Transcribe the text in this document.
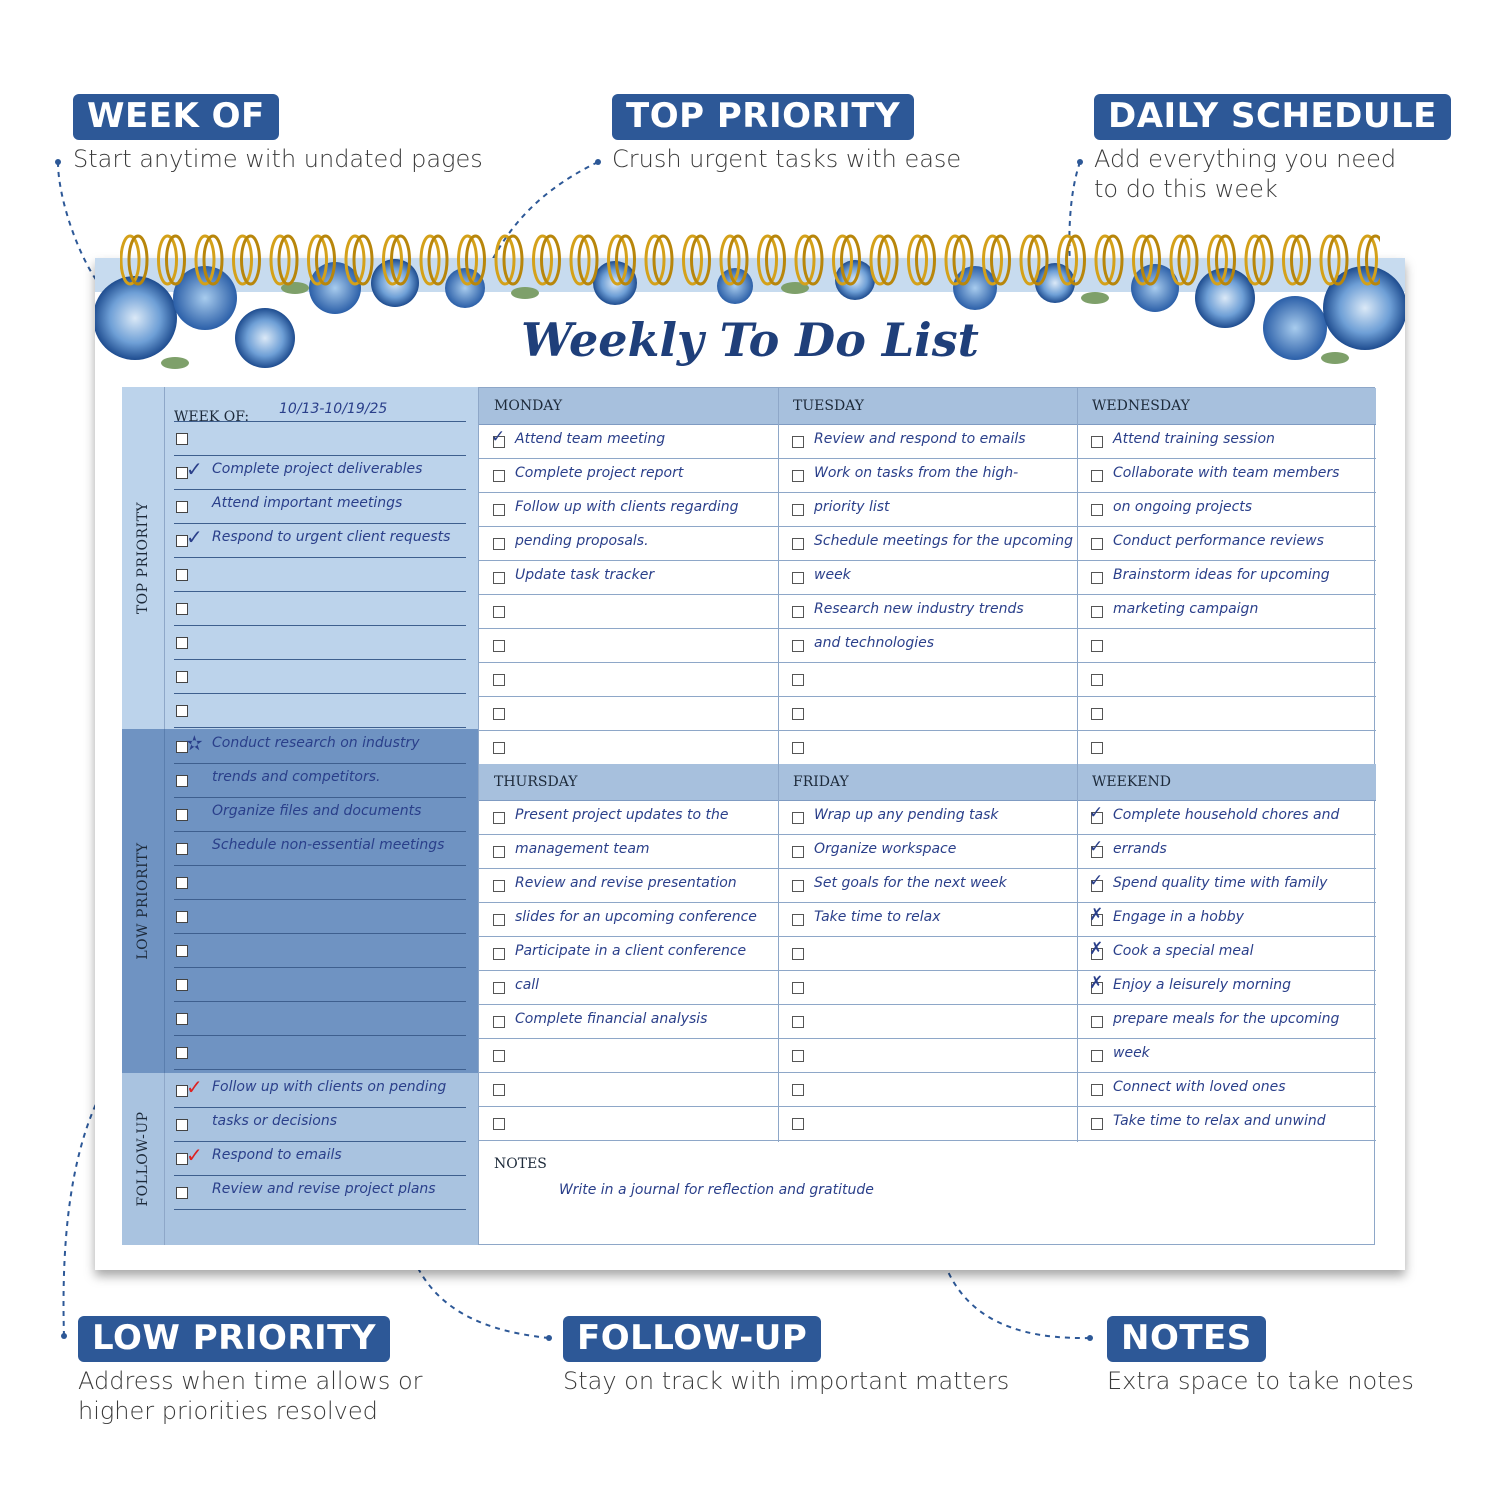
WEEK OF
Start anytime with undated pages
TOP PRIORITY
Crush urgent tasks with ease
DAILY SCHEDULE
Add everything you need
to do this week
LOW PRIORITY
Address when time allows or
higher priorities resolved
FOLLOW-UP
Stay on track with important matters
NOTES
Extra space to take notes
Weekly To Do List
TOP PRIORITY
WEEK OF: 10/13-10/19/25
✓ Complete project deliverables
Attend important meetings
✓ Respond to urgent client requests
LOW PRIORITY
✫ Conduct research on industry
trends and competitors.
Organize files and documents
Schedule non-essential meetings
FOLLOW-UP
✓ Follow up with clients on pending
tasks or decisions
✓ Respond to emails
Review and revise project plans
MONDAY
✓ Attend team meeting
Complete project report
Follow up with clients regarding
pending proposals.
Update task tracker
TUESDAY
Review and respond to emails
Work on tasks from the high-
priority list
Schedule meetings for the upcoming
week
Research new industry trends
and technologies
WEDNESDAY
Attend training session
Collaborate with team members
on ongoing projects
Conduct performance reviews
Brainstorm ideas for upcoming
marketing campaign
THURSDAY
Present project updates to the
management team
Review and revise presentation
slides for an upcoming conference
Participate in a client conference
call
Complete financial analysis
FRIDAY
Wrap up any pending task
Organize workspace
Set goals for the next week
Take time to relax
WEEKEND
✓ Complete household chores and
✓ errands
✓ Spend quality time with family
✗ Engage in a hobby
✗ Cook a special meal
✗ Enjoy a leisurely morning
prepare meals for the upcoming
week
Connect with loved ones
Take time to relax and unwind
NOTES
Write in a journal for reflection and gratitude
